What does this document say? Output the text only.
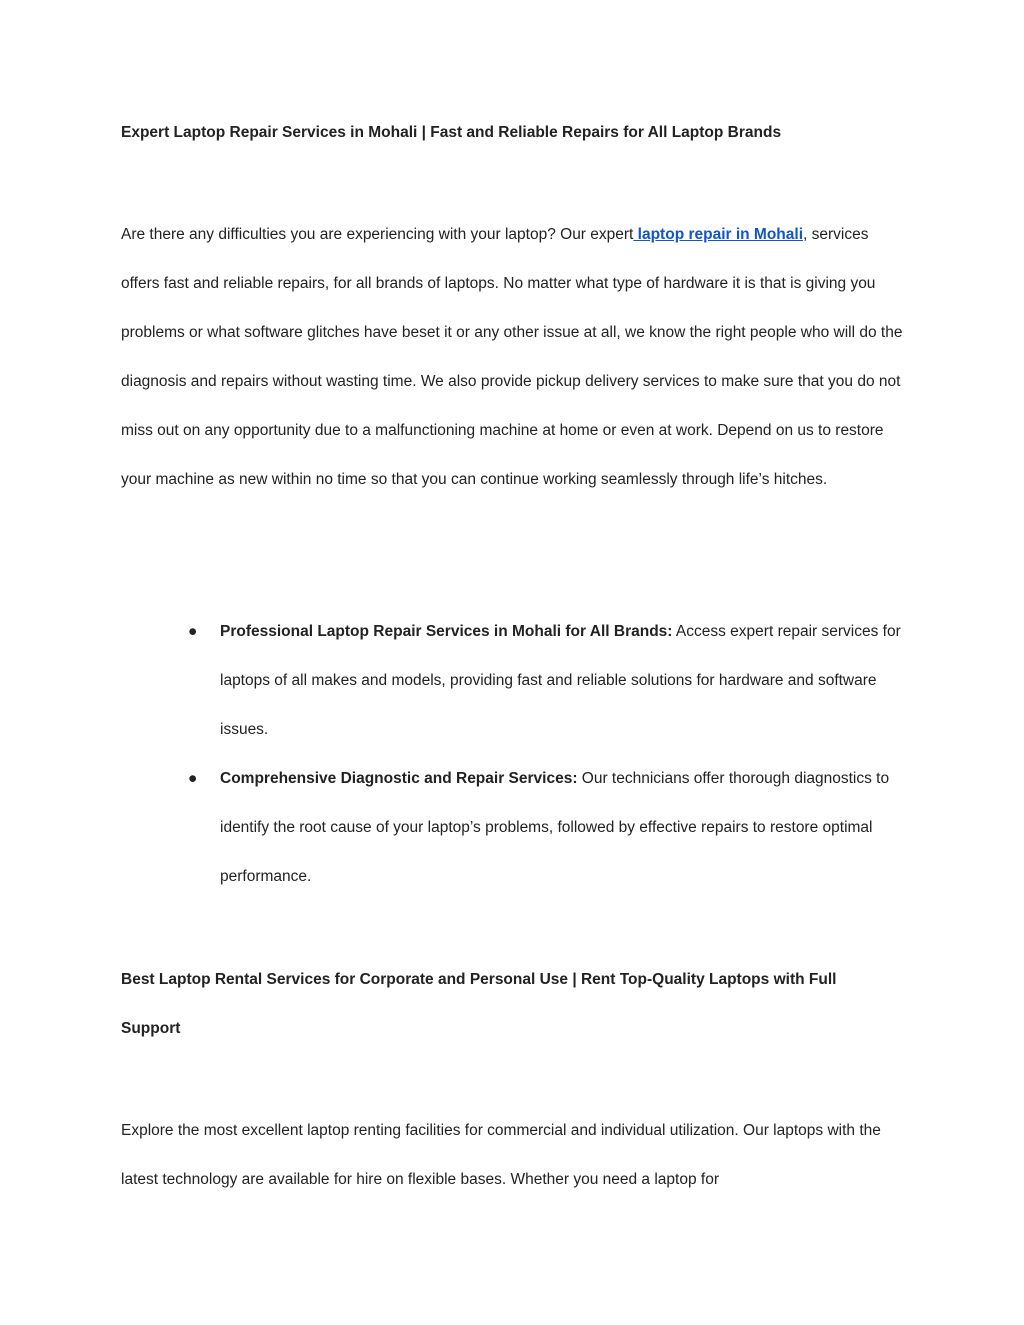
Expert Laptop Repair Services in Mohali | Fast and Reliable Repairs for All Laptop Brands
Are there any difficulties you are experiencing with your laptop? Our expert laptop repair in Mohali, services offers fast and reliable repairs, for all brands of laptops. No matter what type of hardware it is that is giving you problems or what software glitches have beset it or any other issue at all, we know the right people who will do the diagnosis and repairs without wasting time. We also provide pickup delivery services to make sure that you do not miss out on any opportunity due to a malfunctioning machine at home or even at work. Depend on us to restore your machine as new within no time so that you can continue working seamlessly through life’s hitches.
● Professional Laptop Repair Services in Mohali for All Brands: Access expert repair services for laptops of all makes and models, providing fast and reliable solutions for hardware and software issues.
● Comprehensive Diagnostic and Repair Services: Our technicians offer thorough diagnostics to identify the root cause of your laptop’s problems, followed by effective repairs to restore optimal performance.
Best Laptop Rental Services for Corporate and Personal Use | Rent Top-Quality Laptops with Full
Support
Explore the most excellent laptop renting facilities for commercial and individual utilization. Our laptops with the latest technology are available for hire on flexible bases. Whether you need a laptop for
